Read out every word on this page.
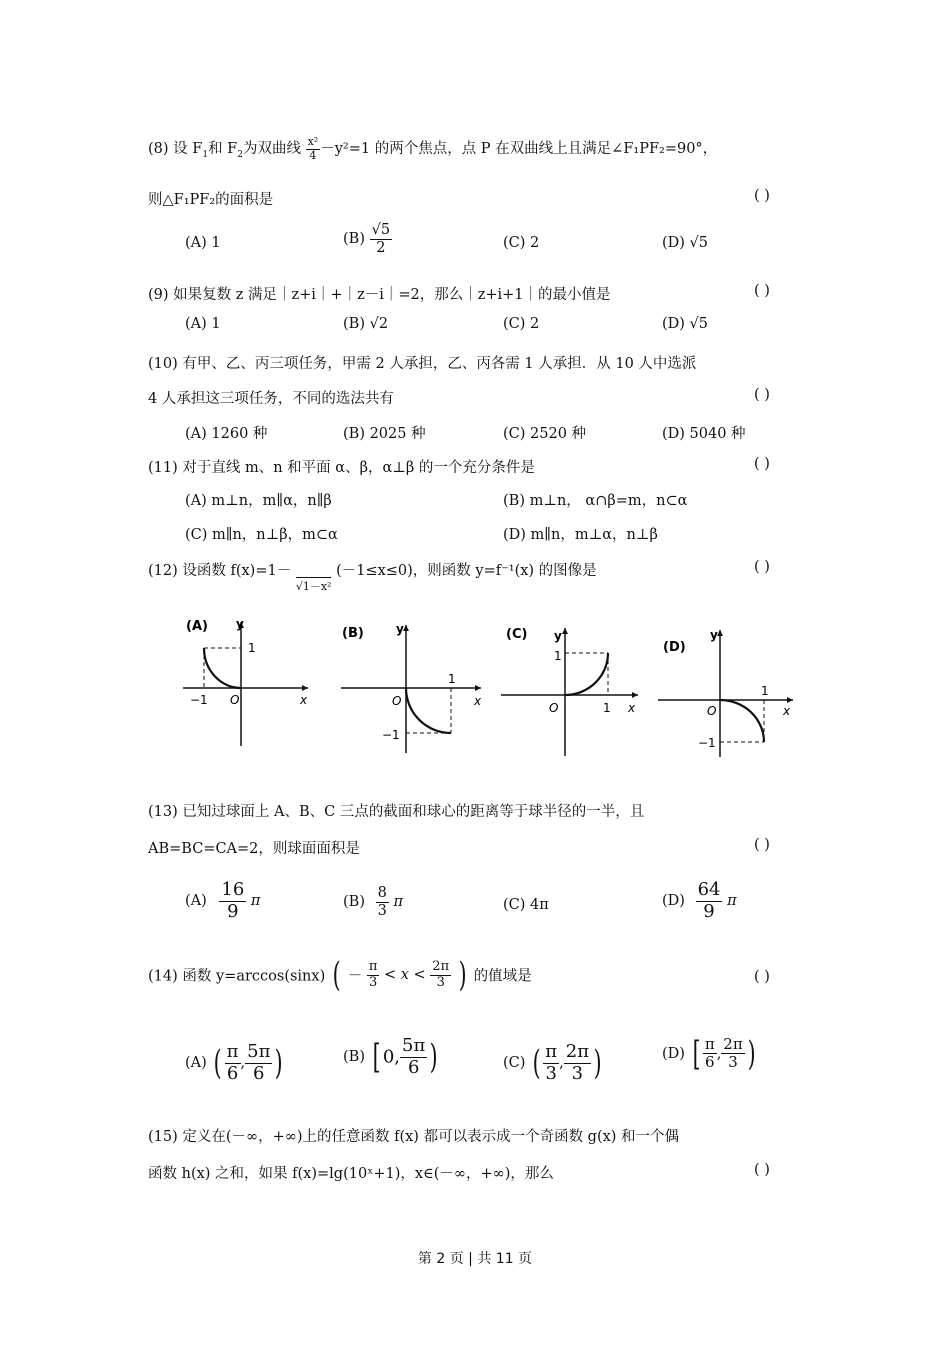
(8) 设 $F_1$和 $F_2$为双曲线 $\frac{\text{x²}}{4} -y^2=1$ 的两个焦点，点 P 在双曲线上且满足∠F₁PF₂=90°，
则△F₁PF₂的面积是	( )
(A) 1	$(B) \frac{√5}{2}$	(C) 2	(D) √5
(9) 如果复数 z 满足｜z+i｜+｜z－i｜=2，那么｜z+i+1｜的最小值是	( )
(A) 1	(B) √2	(C) 2	(D) √5
(10) 有甲、乙、丙三项任务，甲需 2 人承担，乙、丙各需 1 人承担．从 10 人中选派
4 人承担这三项任务，不同的选法共有	( )
(A) 1260 种	(B) 2025 种	(C) 2520 种	(D) 5040 种
(11) 对于直线 m、n 和平面 α、β，α⊥β 的一个充分条件是	( )
(A) m⊥n，m∥α，n∥β	(B) m⊥n， α∩β=m，n⊂α
(C) m∥n，n⊥β，m⊂α	(D) m∥n，m⊥α，n⊥β
(12) 设函数 f(x)=1－ √1－x² (－1≤x≤0)，则函数 y=f⁻¹(x) 的图像是	( )
(A) y
1
x
O
−1
(B)	y
1
x
O
−1
(C) y
1
x
O	1
(D)
y
1
x
O
−1
(13) 已知过球面上 A、B、C 三点的截面和球心的距离等于球半径的一半，且
AB=BC=CA=2，则球面面积是	( )
$(A) \frac{16}{9}$ π	$(B) \frac{8}{3}$ π	(C) 4π	$(D) \frac{64}{9}$ π
(14) 函数 y=arccos(sinx) ( － $\frac{\pi}{3} < x < \frac{2\pi}{3}$ ) 的值域是	( )
(A) ( $\frac{\pi}{6}$ , $\frac{5\pi}{6}$ )	(B) [ 0, $\frac{5\pi}{6}$ )	(C) ( $\frac{\pi}{3}$ , $\frac{2\pi}{3}$ )	(D) [ $\frac{\pi}{6}$ , $\frac{2\pi}{3}$ )
(15) 定义在(－∞，+∞)上的任意函数 f(x) 都可以表示成一个奇函数 g(x) 和一个偶
函数 h(x) 之和，如果 f(x)=lg(10ˣ+1)，x∈(－∞，+∞)，那么	( )
第 2 页 | 共 11 页
